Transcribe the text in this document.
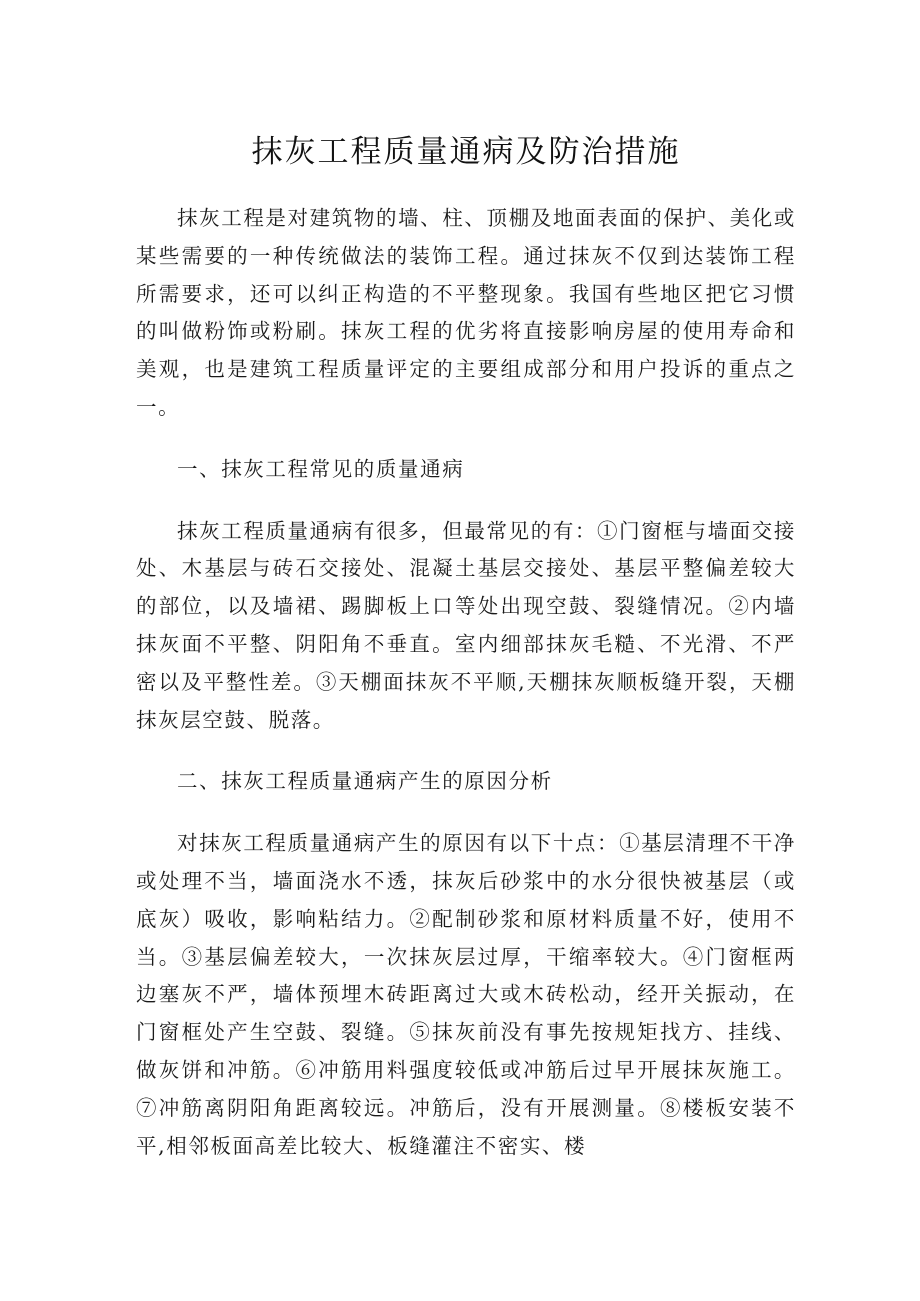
抹灰工程质量通病及防治措施

抹灰工程是对建筑物的墙、柱、顶棚及地面表面的保护、美化或某些需要的一种传统做法的装饰工程。通过抹灰不仅到达装饰工程所需要求，还可以纠正构造的不平整现象。我国有些地区把它习惯的叫做粉饰或粉刷。抹灰工程的优劣将直接影响房屋的使用寿命和美观，也是建筑工程质量评定的主要组成部分和用户投诉的重点之一。

一、抹灰工程常见的质量通病

抹灰工程质量通病有很多，但最常见的有：①门窗框与墙面交接处、木基层与砖石交接处、混凝土基层交接处、基层平整偏差较大的部位，以及墙裙、踢脚板上口等处出现空鼓、裂缝情况。②内墙抹灰面不平整、阴阳角不垂直。室内细部抹灰毛糙、不光滑、不严密以及平整性差。③天棚面抹灰不平顺,天棚抹灰顺板缝开裂，天棚抹灰层空鼓、脱落。

二、抹灰工程质量通病产生的原因分析

对抹灰工程质量通病产生的原因有以下十点：①基层清理不干净或处理不当，墙面浇水不透，抹灰后砂浆中的水分很快被基层（或底灰）吸收，影响粘结力。②配制砂浆和原材料质量不好，使用不当。③基层偏差较大，一次抹灰层过厚，干缩率较大。④门窗框两边塞灰不严，墙体预埋木砖距离过大或木砖松动，经开关振动，在门窗框处产生空鼓、裂缝。⑤抹灰前没有事先按规矩找方、挂线、做灰饼和冲筋。⑥冲筋用料强度较低或冲筋后过早开展抹灰施工。⑦冲筋离阴阳角距离较远。冲筋后，没有开展测量。⑧楼板安装不平,相邻板面高差比较大、板缝灌注不密实、楼
